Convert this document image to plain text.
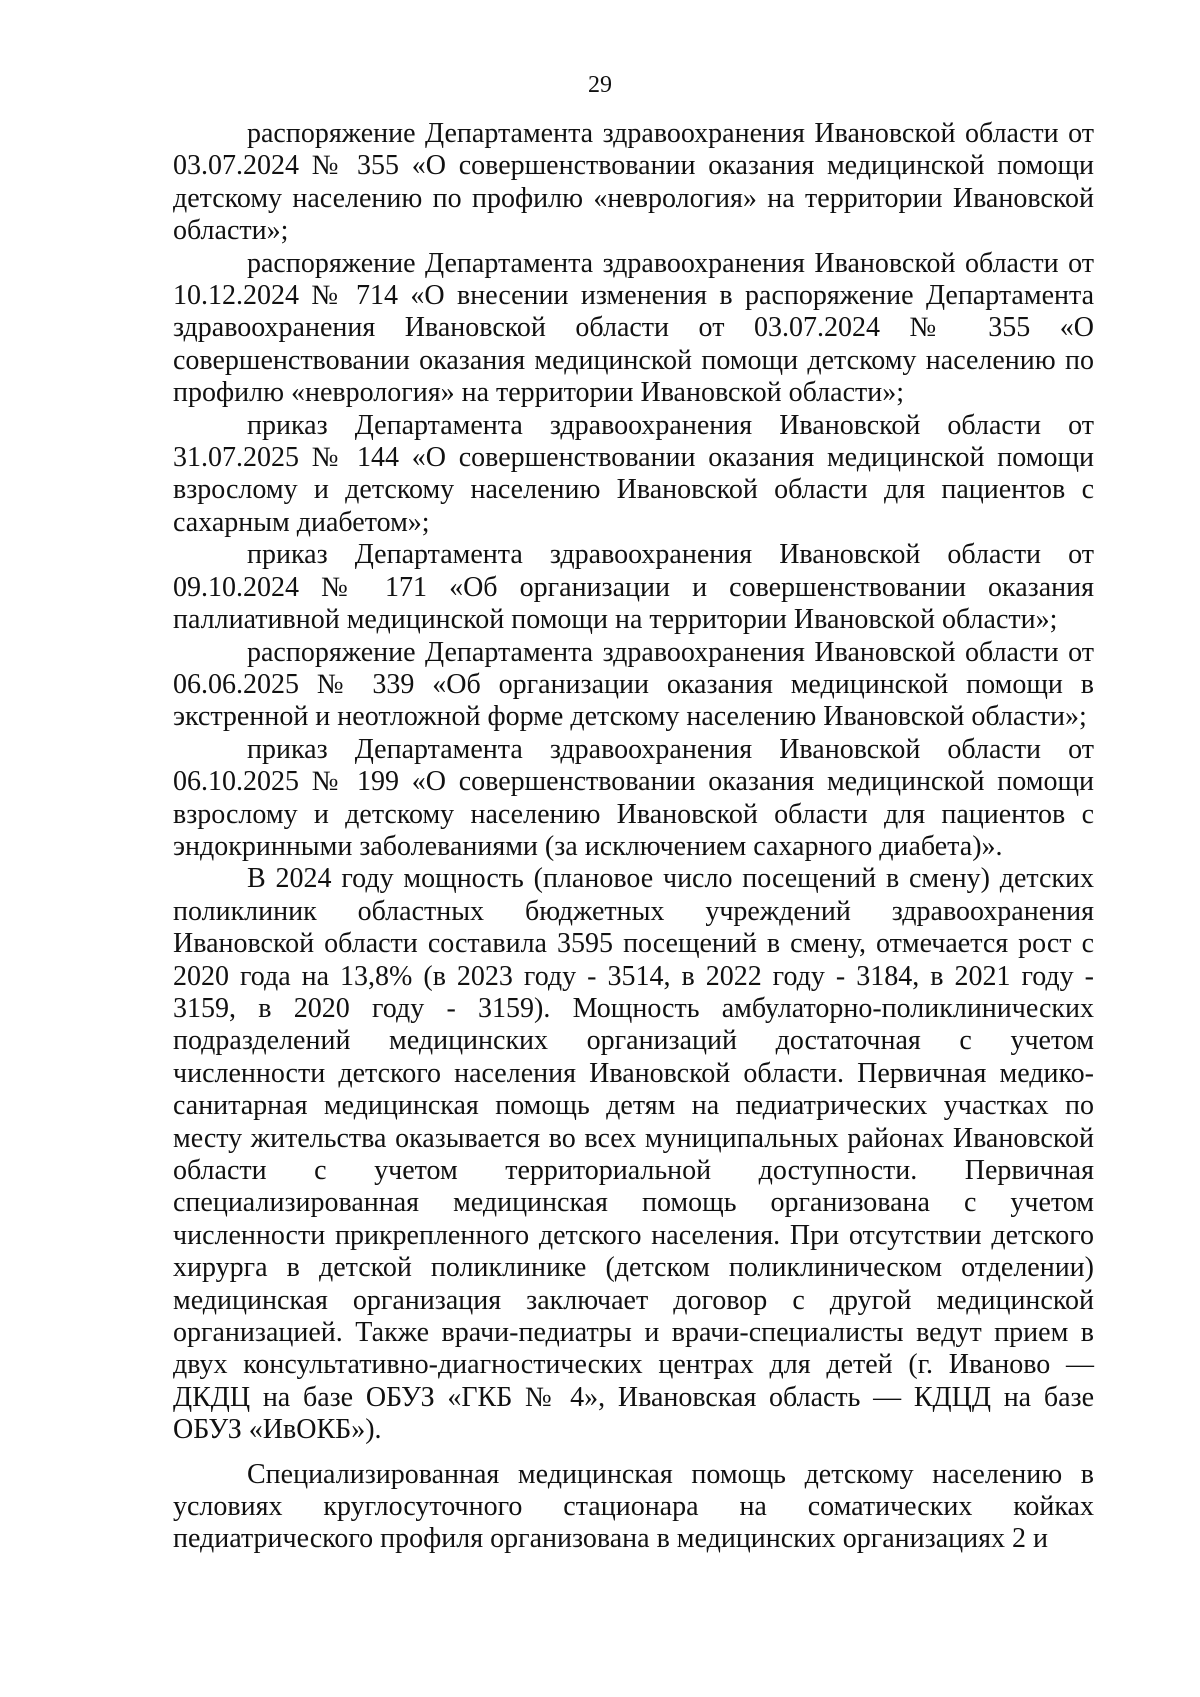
29

распоряжение Департамента здравоохранения Ивановской области от 03.07.2024 № 355 «О совершенствовании оказания медицинской помощи детскому населению по профилю «неврология» на территории Ивановской области»;

распоряжение Департамента здравоохранения Ивановской области от 10.12.2024 № 714 «О внесении изменения в распоряжение Департамента здравоохранения Ивановской области от 03.07.2024 № 355 «О совершенствовании оказания медицинской помощи детскому населению по профилю «неврология» на территории Ивановской области»;

приказ Департамента здравоохранения Ивановской области от 31.07.2025 № 144 «О совершенствовании оказания медицинской помощи взрослому и детскому населению Ивановской области для пациентов с сахарным диабетом»;

приказ Департамента здравоохранения Ивановской области от 09.10.2024 № 171 «Об организации и совершенствовании оказания паллиативной медицинской помощи на территории Ивановской области»;

распоряжение Департамента здравоохранения Ивановской области от 06.06.2025 № 339 «Об организации оказания медицинской помощи в экстренной и неотложной форме детскому населению Ивановской области»;

приказ Департамента здравоохранения Ивановской области от 06.10.2025 № 199 «О совершенствовании оказания медицинской помощи взрослому и детскому населению Ивановской области для пациентов с эндокринными заболеваниями (за исключением сахарного диабета)».

В 2024 году мощность (плановое число посещений в смену) детских поликлиник областных бюджетных учреждений здравоохранения Ивановской области составила 3595 посещений в смену, отмечается рост с 2020 года на 13,8% (в 2023 году - 3514, в 2022 году - 3184, в 2021 году - 3159, в 2020 году - 3159). Мощность амбулаторно-поликлинических подразделений медицинских организаций достаточная с учетом численности детского населения Ивановской области. Первичная медико-санитарная медицинская помощь детям на педиатрических участках по месту жительства оказывается во всех муниципальных районах Ивановской области с учетом территориальной доступности. Первичная специализированная медицинская помощь организована с учетом численности прикрепленного детского населения. При отсутствии детского хирурга в детской поликлинике (детском поликлиническом отделении) медицинская организация заключает договор с другой медицинской организацией. Также врачи-педиатры и врачи-специалисты ведут прием в двух консультативно-диагностических центрах для детей (г. Иваново — ДКДЦ на базе ОБУЗ «ГКБ № 4», Ивановская область — КДЦД на базе ОБУЗ «ИвОКБ»).

Специализированная медицинская помощь детскому населению в условиях круглосуточного стационара на соматических койках педиатрического профиля организована в медицинских организациях 2 и
